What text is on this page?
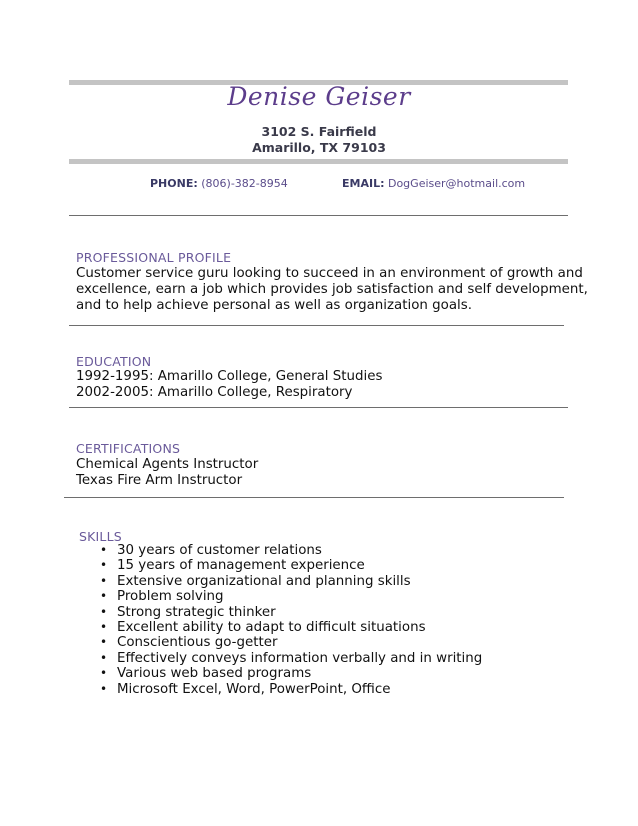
Denise Geiser
3102 S. Fairfield
Amarillo, TX 79103
PHONE: (806)-382-8954	EMAIL: DogGeiser@hotmail.com
PROFESSIONAL PROFILE
Customer service guru looking to succeed in an environment of growth and
excellence, earn a job which provides job satisfaction and self development,
and to help achieve personal as well as organization goals.
EDUCATION
1992-1995: Amarillo College, General Studies
2002-2005: Amarillo College, Respiratory
CERTIFICATIONS
Chemical Agents Instructor
Texas Fire Arm Instructor
SKILLS
• 30 years of customer relations
• 15 years of management experience
• Extensive organizational and planning skills
• Problem solving
• Strong strategic thinker
• Excellent ability to adapt to difficult situations
• Conscientious go-getter
• Effectively conveys information verbally and in writing
• Various web based programs
• Microsoft Excel, Word, PowerPoint, Office
